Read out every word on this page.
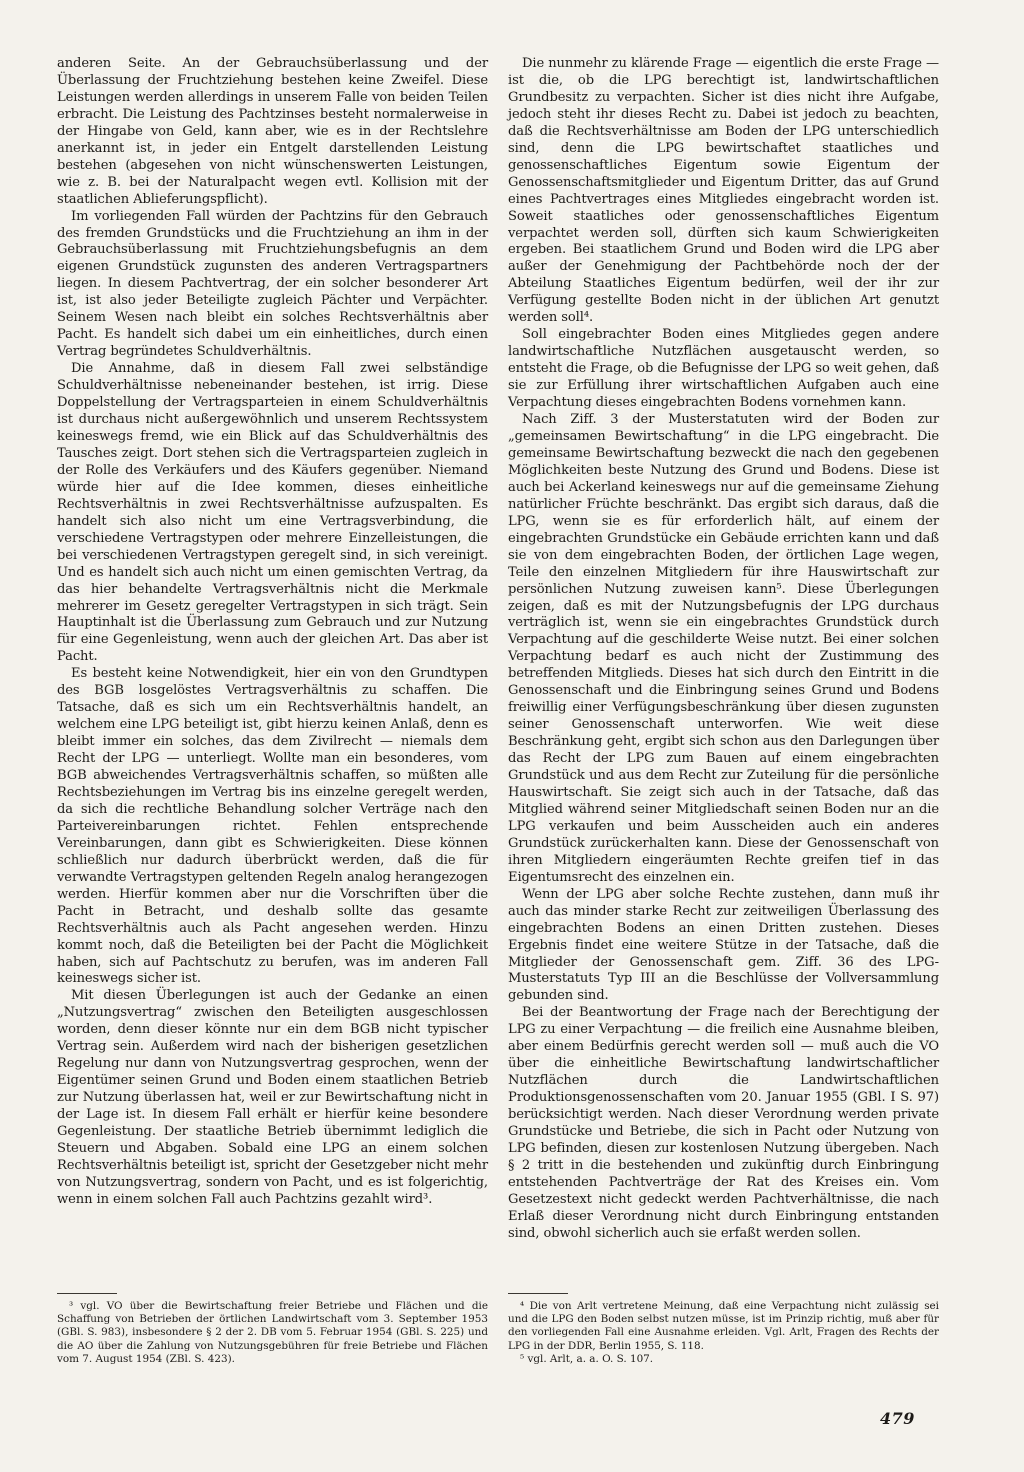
anderen Seite. An der Gebrauchsüberlassung und der Überlassung der Fruchtziehung bestehen keine Zweifel. Diese Leistungen werden allerdings in unserem Falle von beiden Teilen erbracht. Die Leistung des Pachtzinses besteht normalerweise in der Hingabe von Geld, kann aber, wie es in der Rechtslehre anerkannt ist, in jeder ein Entgelt darstellenden Leistung bestehen (abgesehen von nicht wünschenswerten Leistungen, wie z. B. bei der Naturalpacht wegen evtl. Kollision mit der staatlichen Ablieferungspflicht).

Im vorliegenden Fall würden der Pachtzins für den Gebrauch des fremden Grundstücks und die Fruchtziehung an ihm in der Gebrauchsüberlassung mit Fruchtziehungsbefugnis an dem eigenen Grundstück zugunsten des anderen Vertragspartners liegen. In diesem Pachtvertrag, der ein solcher besonderer Art ist, ist also jeder Beteiligte zugleich Pächter und Verpächter. Seinem Wesen nach bleibt ein solches Rechtsverhältnis aber Pacht. Es handelt sich dabei um ein einheitliches, durch einen Vertrag begründetes Schuldverhältnis.

Die Annahme, daß in diesem Fall zwei selbständige Schuldverhältnisse nebeneinander bestehen, ist irrig. Diese Doppelstellung der Vertragsparteien in einem Schuldverhältnis ist durchaus nicht außergewöhnlich und unserem Rechtssystem keineswegs fremd, wie ein Blick auf das Schuldverhältnis des Tausches zeigt. Dort stehen sich die Vertragsparteien zugleich in der Rolle des Verkäufers und des Käufers gegenüber. Niemand würde hier auf die Idee kommen, dieses einheitliche Rechtsverhältnis in zwei Rechtsverhältnisse aufzuspalten. Es handelt sich also nicht um eine Vertragsverbindung, die verschiedene Vertragstypen oder mehrere Einzelleistungen, die bei verschiedenen Vertragstypen geregelt sind, in sich vereinigt. Und es handelt sich auch nicht um einen gemischten Vertrag, da das hier behandelte Vertragsverhältnis nicht die Merkmale mehrerer im Gesetz geregelter Vertragstypen in sich trägt. Sein Hauptinhalt ist die Überlassung zum Gebrauch und zur Nutzung für eine Gegenleistung, wenn auch der gleichen Art. Das aber ist Pacht.

Es besteht keine Notwendigkeit, hier ein von den Grundtypen des BGB losgelöstes Vertragsverhältnis zu schaffen. Die Tatsache, daß es sich um ein Rechtsverhältnis handelt, an welchem eine LPG beteiligt ist, gibt hierzu keinen Anlaß, denn es bleibt immer ein solches, das dem Zivilrecht — niemals dem Recht der LPG — unterliegt. Wollte man ein besonderes, vom BGB abweichendes Vertragsverhältnis schaffen, so müßten alle Rechtsbeziehungen im Vertrag bis ins einzelne geregelt werden, da sich die rechtliche Behandlung solcher Verträge nach den Parteivereinbarungen richtet. Fehlen entsprechende Vereinbarungen, dann gibt es Schwierigkeiten. Diese können schließlich nur dadurch überbrückt werden, daß die für verwandte Vertragstypen geltenden Regeln analog herangezogen werden. Hierfür kommen aber nur die Vorschriften über die Pacht in Betracht, und deshalb sollte das gesamte Rechtsverhältnis auch als Pacht angesehen werden. Hinzu kommt noch, daß die Beteiligten bei der Pacht die Möglichkeit haben, sich auf Pachtschutz zu berufen, was im anderen Fall keineswegs sicher ist.

Mit diesen Überlegungen ist auch der Gedanke an einen „Nutzungsvertrag“ zwischen den Beteiligten ausgeschlossen worden, denn dieser könnte nur ein dem BGB nicht typischer Vertrag sein. Außerdem wird nach der bisherigen gesetzlichen Regelung nur dann von Nutzungsvertrag gesprochen, wenn der Eigentümer seinen Grund und Boden einem staatlichen Betrieb zur Nutzung überlassen hat, weil er zur Bewirtschaftung nicht in der Lage ist. In diesem Fall erhält er hierfür keine besondere Gegenleistung. Der staatliche Betrieb übernimmt lediglich die Steuern und Abgaben. Sobald eine LPG an einem solchen Rechtsverhältnis beteiligt ist, spricht der Gesetzgeber nicht mehr von Nutzungsvertrag, sondern von Pacht, und es ist folgerichtig, wenn in einem solchen Fall auch Pachtzins gezahlt wird³.

Die nunmehr zu klärende Frage — eigentlich die erste Frage — ist die, ob die LPG berechtigt ist, landwirtschaftlichen Grundbesitz zu verpachten. Sicher ist dies nicht ihre Aufgabe, jedoch steht ihr dieses Recht zu. Dabei ist jedoch zu beachten, daß die Rechtsverhältnisse am Boden der LPG unterschiedlich sind, denn die LPG bewirtschaftet staatliches und genossenschaftliches Eigentum sowie Eigentum der Genossenschaftsmitglieder und Eigentum Dritter, das auf Grund eines Pachtvertrages eines Mitgliedes eingebracht worden ist. Soweit staatliches oder genossenschaftliches Eigentum verpachtet werden soll, dürften sich kaum Schwierigkeiten ergeben. Bei staatlichem Grund und Boden wird die LPG aber außer der Genehmigung der Pachtbehörde noch der der Abteilung Staatliches Eigentum bedürfen, weil der ihr zur Verfügung gestellte Boden nicht in der üblichen Art genutzt werden soll⁴.

Soll eingebrachter Boden eines Mitgliedes gegen andere landwirtschaftliche Nutzflächen ausgetauscht werden, so entsteht die Frage, ob die Befugnisse der LPG so weit gehen, daß sie zur Erfüllung ihrer wirtschaftlichen Aufgaben auch eine Verpachtung dieses eingebrachten Bodens vornehmen kann.

Nach Ziff. 3 der Musterstatuten wird der Boden zur „gemeinsamen Bewirtschaftung“ in die LPG eingebracht. Die gemeinsame Bewirtschaftung bezweckt die nach den gegebenen Möglichkeiten beste Nutzung des Grund und Bodens. Diese ist auch bei Ackerland keineswegs nur auf die gemeinsame Ziehung natürlicher Früchte beschränkt. Das ergibt sich daraus, daß die LPG, wenn sie es für erforderlich hält, auf einem der eingebrachten Grundstücke ein Gebäude errichten kann und daß sie von dem eingebrachten Boden, der örtlichen Lage wegen, Teile den einzelnen Mitgliedern für ihre Hauswirtschaft zur persönlichen Nutzung zuweisen kann⁵. Diese Überlegungen zeigen, daß es mit der Nutzungsbefugnis der LPG durchaus verträglich ist, wenn sie ein eingebrachtes Grundstück durch Verpachtung auf die geschilderte Weise nutzt. Bei einer solchen Verpachtung bedarf es auch nicht der Zustimmung des betreffenden Mitglieds. Dieses hat sich durch den Eintritt in die Genossenschaft und die Einbringung seines Grund und Bodens freiwillig einer Verfügungsbeschränkung über diesen zugunsten seiner Genossenschaft unterworfen. Wie weit diese Beschränkung geht, ergibt sich schon aus den Darlegungen über das Recht der LPG zum Bauen auf einem eingebrachten Grundstück und aus dem Recht zur Zuteilung für die persönliche Hauswirtschaft. Sie zeigt sich auch in der Tatsache, daß das Mitglied während seiner Mitgliedschaft seinen Boden nur an die LPG verkaufen und beim Ausscheiden auch ein anderes Grundstück zurückerhalten kann. Diese der Genossenschaft von ihren Mitgliedern eingeräumten Rechte greifen tief in das Eigentumsrecht des einzelnen ein.

Wenn der LPG aber solche Rechte zustehen, dann muß ihr auch das minder starke Recht zur zeitweiligen Überlassung des eingebrachten Bodens an einen Dritten zustehen. Dieses Ergebnis findet eine weitere Stütze in der Tatsache, daß die Mitglieder der Genossenschaft gem. Ziff. 36 des LPG-Musterstatuts Typ III an die Beschlüsse der Vollversammlung gebunden sind.

Bei der Beantwortung der Frage nach der Berechtigung der LPG zu einer Verpachtung — die freilich eine Ausnahme bleiben, aber einem Bedürfnis gerecht werden soll — muß auch die VO über die einheitliche Bewirtschaftung landwirtschaftlicher Nutzflächen durch die Landwirtschaftlichen Produktionsgenossenschaften vom 20. Januar 1955 (GBl. I S. 97) berücksichtigt werden. Nach dieser Verordnung werden private Grundstücke und Betriebe, die sich in Pacht oder Nutzung von LPG befinden, diesen zur kostenlosen Nutzung übergeben. Nach § 2 tritt in die bestehenden und zukünftig durch Einbringung entstehenden Pachtverträge der Rat des Kreises ein. Vom Gesetzestext nicht gedeckt werden Pachtverhältnisse, die nach Erlaß dieser Verordnung nicht durch Einbringung entstanden sind, obwohl sicherlich auch sie erfaßt werden sollen.

³ vgl. VO über die Bewirtschaftung freier Betriebe und Flächen und die Schaffung von Betrieben der örtlichen Landwirtschaft vom 3. September 1953 (GBl. S. 983), insbesondere § 2 der 2. DB vom 5. Februar 1954 (GBl. S. 225) und die AO über die Zahlung von Nutzungsgebühren für freie Betriebe und Flächen vom 7. August 1954 (ZBl. S. 423).

⁴ Die von Arlt vertretene Meinung, daß eine Verpachtung nicht zulässig sei und die LPG den Boden selbst nutzen müsse, ist im Prinzip richtig, muß aber für den vorliegenden Fall eine Ausnahme erleiden. Vgl. Arlt, Fragen des Rechts der LPG in der DDR, Berlin 1955, S. 118.

⁵ vgl. Arlt, a. a. O. S. 107.

479
